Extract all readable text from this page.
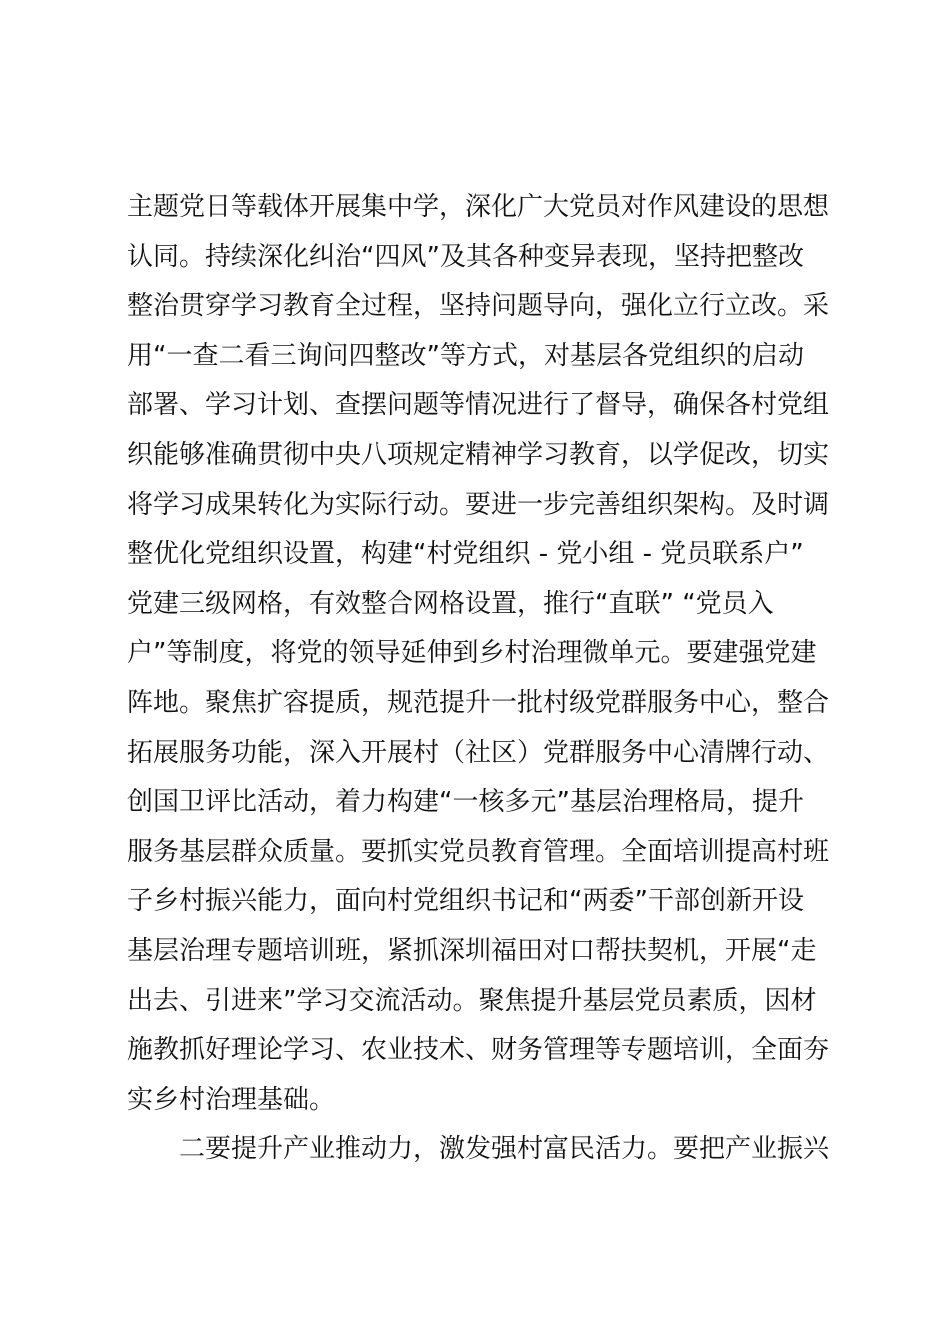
主题党日等载体开展集中学，深化广大党员对作风建设的思想
认同。持续深化纠治“四风”及其各种变异表现，坚持把整改
整治贯穿学习教育全过程，坚持问题导向，强化立行立改。采
用“一查二看三询问四整改”等方式，对基层各党组织的启动
部署、学习计划、查摆问题等情况进行了督导，确保各村党组
织能够准确贯彻中央八项规定精神学习教育，以学促改，切实
将学习成果转化为实际行动。要进一步完善组织架构。及时调
整优化党组织设置，构建“村党组织 - 党小组 - 党员联系户”
党建三级网格，有效整合网格设置，推行“直联” “党员入
户”等制度，将党的领导延伸到乡村治理微单元。要建强党建
阵地。聚焦扩容提质，规范提升一批村级党群服务中心，整合
拓展服务功能，深入开展村（社区）党群服务中心清牌行动、
创国卫评比活动，着力构建“一核多元”基层治理格局，提升
服务基层群众质量。要抓实党员教育管理。全面培训提高村班
子乡村振兴能力，面向村党组织书记和“两委”干部创新开设
基层治理专题培训班，紧抓深圳福田对口帮扶契机，开展“走
出去、引进来”学习交流活动。聚焦提升基层党员素质，因材
施教抓好理论学习、农业技术、财务管理等专题培训，全面夯
实乡村治理基础。
二要提升产业推动力，激发强村富民活力。要把产业振兴
